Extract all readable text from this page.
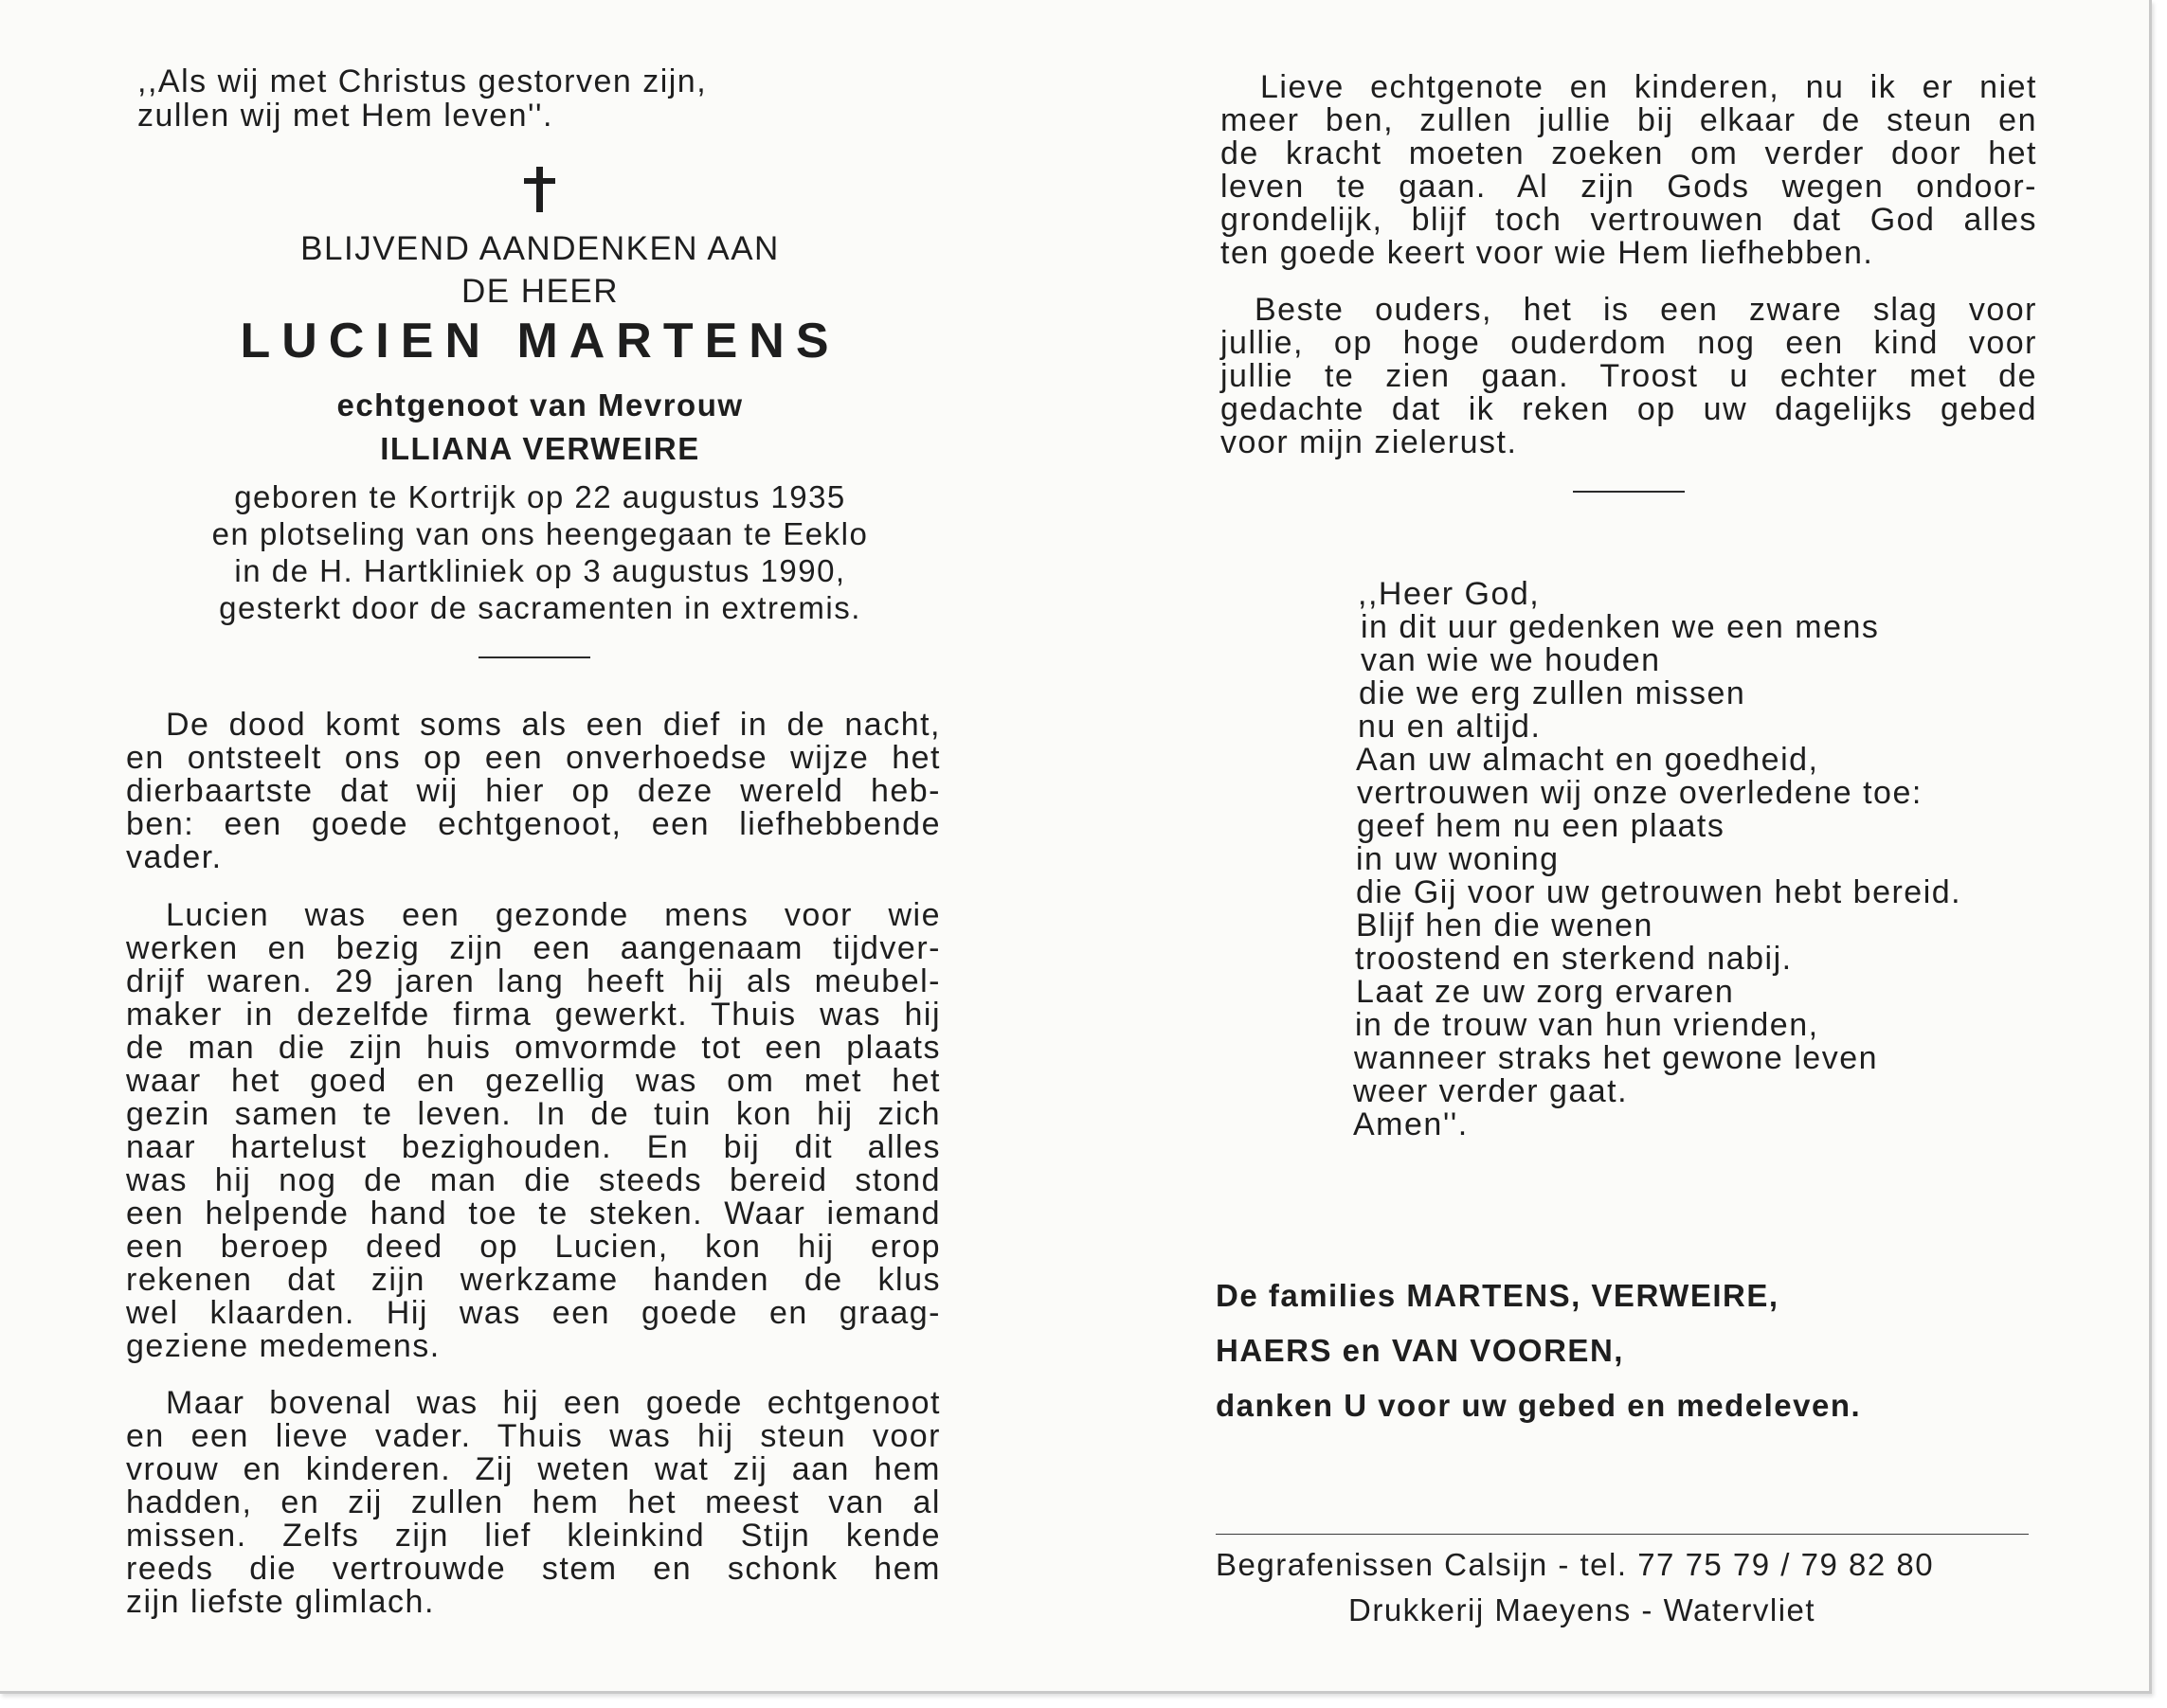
,,Als wij met Christus gestorven zijn,
zullen wij met Hem leven''.
BLIJVEND AANDENKEN AAN
DE HEER
LUCIEN MARTENS
echtgenoot van Mevrouw
ILLIANA VERWEIRE
geboren te Kortrijk op 22 augustus 1935
en plotseling van ons heengegaan te Eeklo
in de H. Hartkliniek op 3 augustus 1990,
gesterkt door de sacramenten in extremis.
De dood komt soms als een dief in de nacht,
en ontsteelt ons op een onverhoedse wijze het
dierbaartste dat wij hier op deze wereld heb-
ben: een goede echtgenoot, een liefhebbende
vader.
Lucien was een gezonde mens voor wie
werken en bezig zijn een aangenaam tijdver-
drijf waren. 29 jaren lang heeft hij als meubel-
maker in dezelfde firma gewerkt. Thuis was hij
de man die zijn huis omvormde tot een plaats
waar het goed en gezellig was om met het
gezin samen te leven. In de tuin kon hij zich
naar hartelust bezighouden. En bij dit alles
was hij nog de man die steeds bereid stond
een helpende hand toe te steken. Waar iemand
een beroep deed op Lucien, kon hij erop
rekenen dat zijn werkzame handen de klus
wel klaarden. Hij was een goede en graag-
geziene medemens.
Maar bovenal was hij een goede echtgenoot
en een lieve vader. Thuis was hij steun voor
vrouw en kinderen. Zij weten wat zij aan hem
hadden, en zij zullen hem het meest van al
missen. Zelfs zijn lief kleinkind Stijn kende
reeds die vertrouwde stem en schonk hem
zijn liefste glimlach.
Lieve echtgenote en kinderen, nu ik er niet
meer ben, zullen jullie bij elkaar de steun en
de kracht moeten zoeken om verder door het
leven te gaan. Al zijn Gods wegen ondoor-
grondelijk, blijf toch vertrouwen dat God alles
ten goede keert voor wie Hem liefhebben.
Beste ouders, het is een zware slag voor
jullie, op hoge ouderdom nog een kind voor
jullie te zien gaan. Troost u echter met de
gedachte dat ik reken op uw dagelijks gebed
voor mijn zielerust.
,,Heer God,
in dit uur gedenken we een mens
van wie we houden
die we erg zullen missen
nu en altijd.
Aan uw almacht en goedheid,
vertrouwen wij onze overledene toe:
geef hem nu een plaats
in uw woning
die Gij voor uw getrouwen hebt bereid.
Blijf hen die wenen
troostend en sterkend nabij.
Laat ze uw zorg ervaren
in de trouw van hun vrienden,
wanneer straks het gewone leven
weer verder gaat.
Amen''.
De families MARTENS, VERWEIRE,
HAERS en VAN VOOREN,
danken U voor uw gebed en medeleven.
Begrafenissen Calsijn - tel. 77 75 79 / 79 82 80
Drukkerij Maeyens - Watervliet
